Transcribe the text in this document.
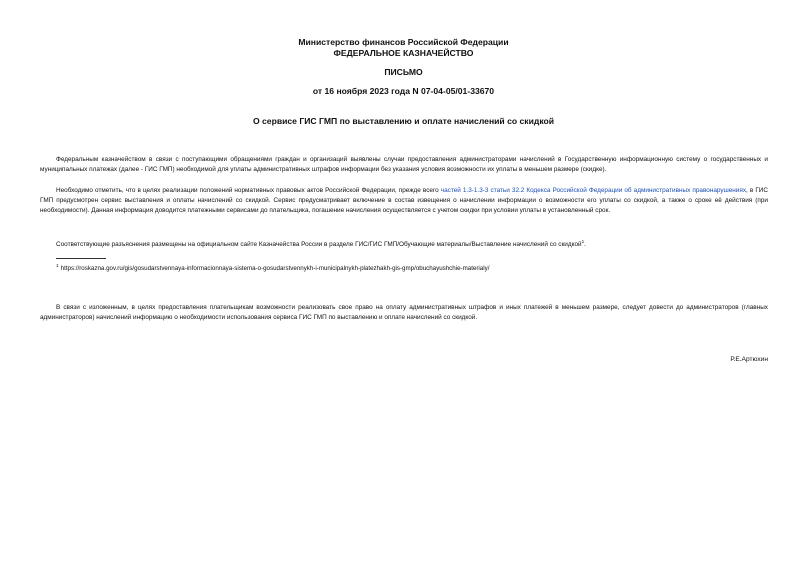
Министерство финансов Российской Федерации
ФЕДЕРАЛЬНОЕ КАЗНАЧЕЙСТВО
ПИСЬМО
от 16 ноября 2023 года N 07-04-05/01-33670
О сервисе ГИС ГМП по выставлению и оплате начислений со скидкой

Федеральным казначейством в связи с поступающими обращениями граждан и организаций выявлены случаи предоставления администраторами начислений в Государственную информационную систему о государственных и муниципальных платежах (далее - ГИС ГМП) необходимой для уплаты административных штрафов информации без указания условия возможности их уплаты в меньшем размере (скидке).

Необходимо отметить, что в целях реализации положений нормативных правовых актов Российской Федерации, прежде всего частей 1.3-1.3-3 статьи 32.2 Кодекса Российской Федерации об административных правонарушениях, в ГИС ГМП предусмотрен сервис выставления и оплаты начислений со скидкой. Сервис предусматривает включение в состав извещения о начислении информации о возможности его уплаты со скидкой, а также о сроке её действия (при необходимости). Данная информация доводится платежными сервисами до плательщика, погашение начисления осуществляется с учетом скидки при условии уплаты в установленный срок.

Соответствующие разъяснения размещены на официальном сайте Казначейства России в разделе ГИС/ГИС ГМП/Обучающие материалы/Выставление начислений со скидкой$^1$.

$^1$ https://roskazna.gov.ru/gis/gosudarstvennaya-informacionnaya-sistema-o-gosudarstvennykh-i-municipalnykh-platezhakh-gis-gmp/obuchayushchie-materialy/

В связи с изложенным, в целях предоставления плательщикам возможности реализовать свое право на оплату административных штрафов и иных платежей в меньшем размере, следует довести до администраторов (главных администраторов) начислений информацию о необходимости использования сервиса ГИС ГМП по выставлению и оплате начислений со скидкой.

Р.Е.Артюхин
